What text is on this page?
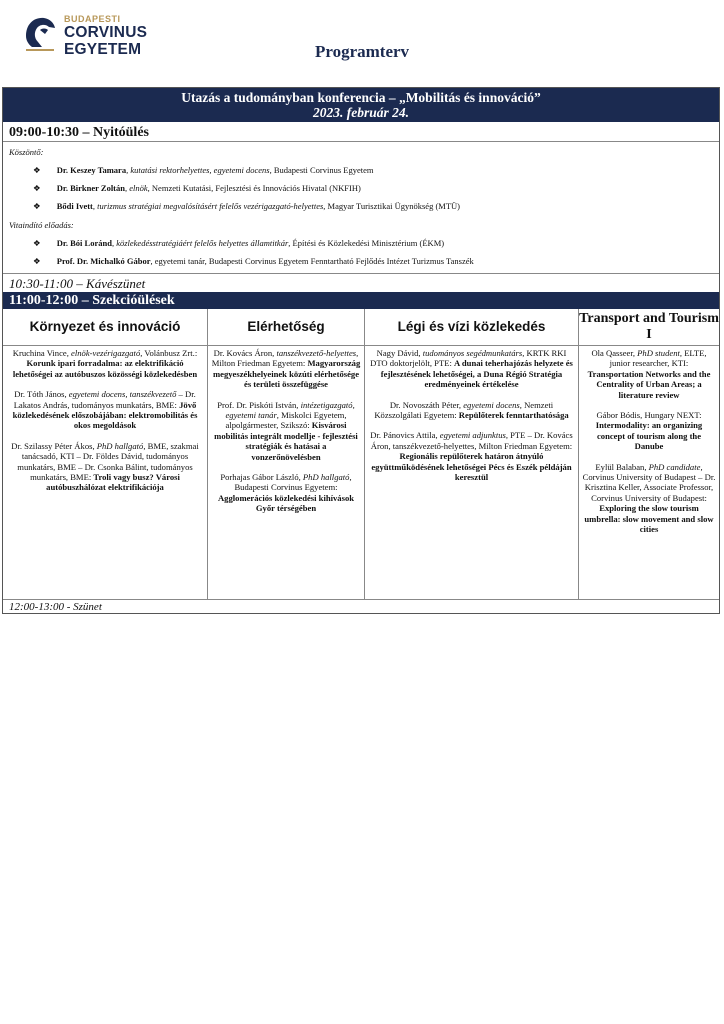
BUDAPESTI
CORVINUS
EGYETEM	Programterv
Utazás a tudományban konferencia – „Mobilitás és innováció”
2023. február 24.
09:00-10:30 – Nyitóülés
Köszöntő:
❖ Dr. Keszey Tamara, kutatási rektorhelyettes, egyetemi docens, Budapesti Corvinus Egyetem
❖ Dr. Birkner Zoltán, elnök, Nemzeti Kutatási, Fejlesztési és Innovációs Hivatal (NKFIH)
❖ Bődi Ivett, turizmus stratégiai megvalósításért felelős vezérigazgató-helyettes, Magyar Turisztikai Ügynökség (MTÜ)
Vitaindító előadás:
❖ Dr. Bói Loránd, közlekedésstratégiáért felelős helyettes államtitkár, Építési és Közlekedési Minisztérium (ÉKM)
❖ Prof. Dr. Michalkó Gábor, egyetemi tanár, Budapesti Corvinus Egyetem Fenntartható Fejlődés Intézet Turizmus Tanszék
10:30-11:00 – Kávészünet
11:00-12:00 – Szekcióülések
Környezet és innováció
Kruchina Vince, elnök-vezérigazgató, Volánbusz Zrt.: Korunk ipari forradalma: az elektrifikáció lehetőségei az autóbuszos közösségi közlekedésben
Dr. Tóth János, egyetemi docens, tanszékvezető – Dr. Lakatos András, tudományos munkatárs, BME: Jövő közlekedésének előszobájában: elektromobilitás és okos megoldások
Dr. Szilassy Péter Ákos, PhD hallgató, BME, szakmai tanácsadó, KTI – Dr. Földes Dávid, tudományos munkatárs, BME – Dr. Csonka Bálint, tudományos munkatárs, BME: Troli vagy busz? Városi autóbuszhálózat elektrifikációja
Elérhetőség
Dr. Kovács Áron, tanszékvezető-helyettes, Milton Friedman Egyetem: Magyarország megyeszékhelyeinek közúti elérhetősége és területi összefüggése
Prof. Dr. Piskóti István, intézetigazgató, egyetemi tanár, Miskolci Egyetem, alpolgármester, Szikszó: Kisvárosi mobilitás integrált modellje - fejlesztési stratégiák és hatásai a vonzerőnövelésben
Porhajas Gábor László, PhD hallgató, Budapesti Corvinus Egyetem: Agglomerációs közlekedési kihívások Győr térségében
Légi és vízi közlekedés
Nagy Dávid, tudományos segédmunkatárs, KRTK RKI DTO doktorjelölt, PTE: A dunai teherhajózás helyzete és fejlesztésének lehetőségei, a Duna Régió Stratégia eredményeinek értékelése
Dr. Novoszáth Péter, egyetemi docens, Nemzeti Közszolgálati Egyetem: Repülőterek fenntarthatósága
Dr. Pánovics Attila, egyetemi adjunktus, PTE – Dr. Kovács Áron, tanszékvezető-helyettes, Milton Friedman Egyetem: Regionális repülőterek határon átnyúló együttműködésének lehetőségei Pécs és Eszék példáján keresztül
Transport and Tourism I
Ola Qasseer, PhD student, ELTE, junior researcher, KTI: Transportation Networks and the Centrality of Urban Areas; a literature review
Gábor Bódis, Hungary NEXT: Intermodality: an organizing concept of tourism along the Danube
Eylül Balaban, PhD candidate, Corvinus University of Budapest – Dr. Krisztina Keller, Associate Professor, Corvinus University of Budapest: Exploring the slow tourism umbrella: slow movement and slow cities
12:00-13:00 - Szünet
